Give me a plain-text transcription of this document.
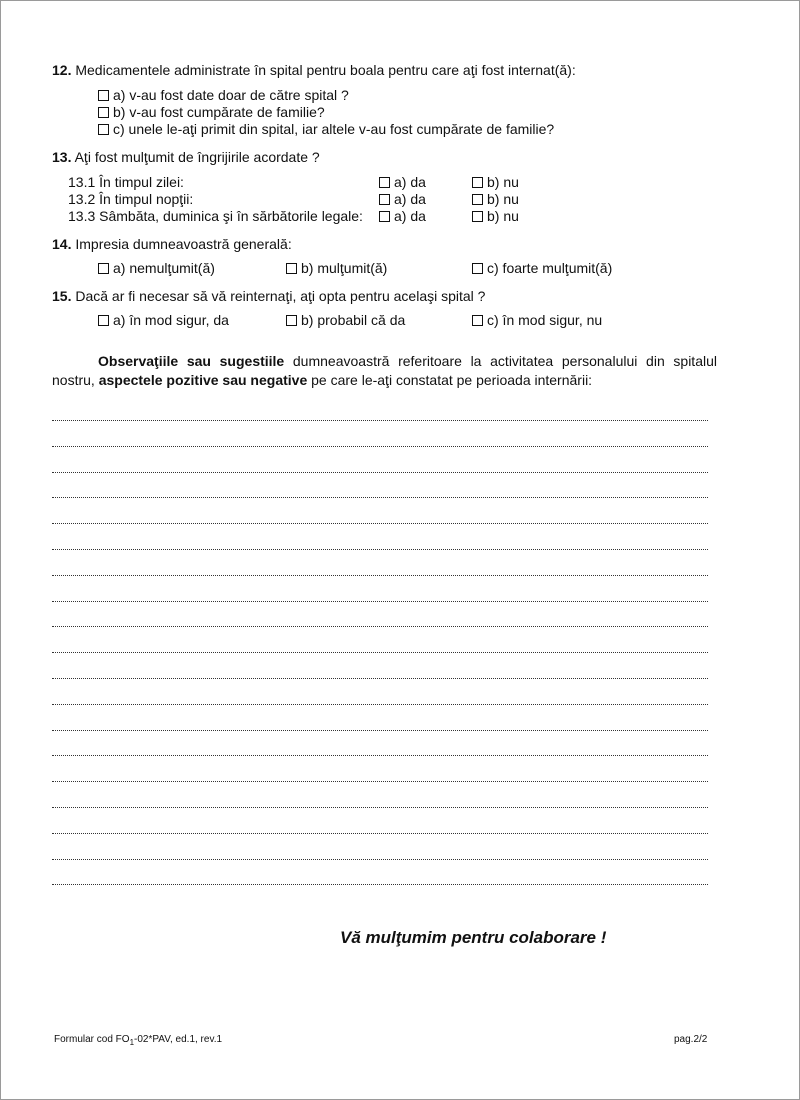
12. Medicamentele administrate în spital pentru boala pentru care aţi fost internat(ă):
a) v-au fost date doar de către spital ?
b) v-au fost cumpărate de familie?
c) unele le-aţi primit din spital, iar altele v-au fost cumpărate de familie?
13. Aţi fost mulţumit de îngrijirile acordate ?
13.1 În timpul zilei:	a) da	b) nu
13.2 În timpul nopţii:	a) da	b) nu
13.3 Sâmbăta, duminica şi în sărbătorile legale: a) da	b) nu
14. Impresia dumneavoastră generală:
a) nemulţumit(ă)	b) mulţumit(ă)	c) foarte mulţumit(ă)
15. Dacă ar fi necesar să vă reinternaţi, aţi opta pentru acelaşi spital ?
a) în mod sigur, da	b) probabil că da	c) în mod sigur, nu
Observaţiile sau sugestiile dumneavoastră referitoare la activitatea personalului din spitalul nostru, aspectele pozitive sau negative pe care le-aţi constatat pe perioada internării:
Vă mulţumim pentru colaborare !
Formular cod $FO_1-02*PAV$, ed.1, rev.1	pag.2/2
